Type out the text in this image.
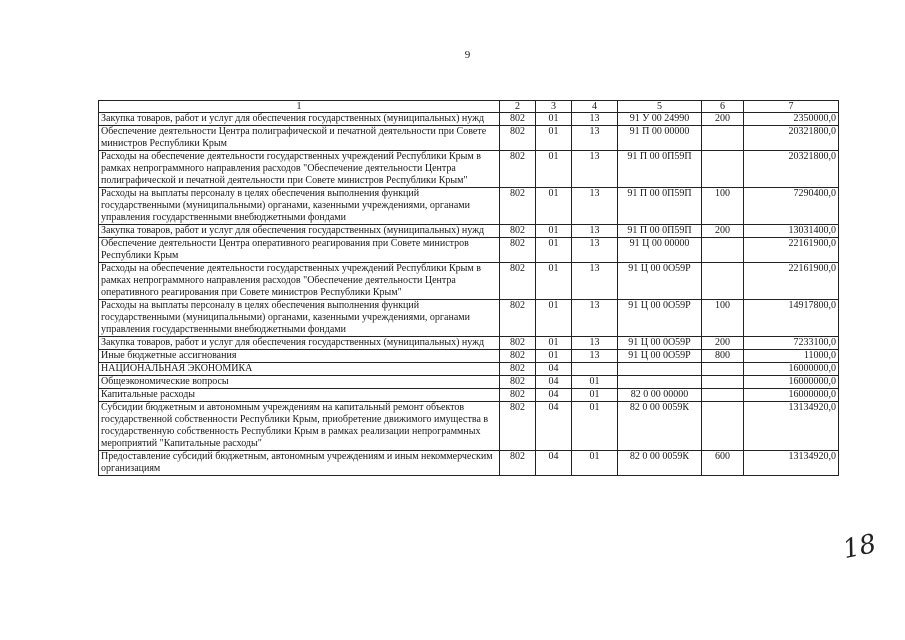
9
1	2	3	4	5	6	7
Закупка товаров, работ и услуг для обеспечения государственных (муниципальных) нужд	802	01	13	91 У 00 24990	200	2350000,0
Обеспечение деятельности Центра полиграфической и печатной деятельности при Совете министров Республики Крым	802	01	13	91 П 00 00000		20321800,0
Расходы на обеспечение деятельности государственных учреждений Республики Крым в рамках непрограммного направления расходов "Обеспечение деятельности Центра полиграфической и печатной деятельности при Совете министров Республики Крым"	802	01	13	91 П 00 0П59П		20321800,0
Расходы на выплаты персоналу в целях обеспечения выполнения функций государственными (муниципальными) органами, казенными учреждениями, органами управления государственными внебюджетными фондами	802	01	13	91 П 00 0П59П	100	7290400,0
Закупка товаров, работ и услуг для обеспечения государственных (муниципальных) нужд	802	01	13	91 П 00 0П59П	200	13031400,0
Обеспечение деятельности Центра оперативного реагирования при Совете министров Республики Крым	802	01	13	91 Ц 00 00000		22161900,0
Расходы на обеспечение деятельности государственных учреждений Республики Крым в рамках непрограммного направления расходов "Обеспечение деятельности Центра оперативного реагирования при Совете министров Республики Крым"	802	01	13	91 Ц 00 0О59Р		22161900,0
Расходы на выплаты персоналу в целях обеспечения выполнения функций государственными (муниципальными) органами, казенными учреждениями, органами управления государственными внебюджетными фондами	802	01	13	91 Ц 00 0О59Р	100	14917800,0
Закупка товаров, работ и услуг для обеспечения государственных (муниципальных) нужд	802	01	13	91 Ц 00 0О59Р	200	7233100,0
Иные бюджетные ассигнования	802	01	13	91 Ц 00 0О59Р	800	11000,0
НАЦИОНАЛЬНАЯ ЭКОНОМИКА	802	04				16000000,0
Общеэкономические вопросы	802	04	01			16000000,0
Капитальные расходы	802	04	01	82 0 00 00000		16000000,0
Субсидии бюджетным и автономным учреждениям на капитальный ремонт объектов государственной собственности Республики Крым, приобретение движимого имущества в государственную собственность Республики Крым в рамках реализации непрограммных мероприятий "Капитальные расходы"	802	04	01	82 0 00 0059К		13134920,0
Предоставление субсидий бюджетным, автономным учреждениям и иным некоммерческим организациям	802	04	01	82 0 00 0059К	600	13134920,0
18
